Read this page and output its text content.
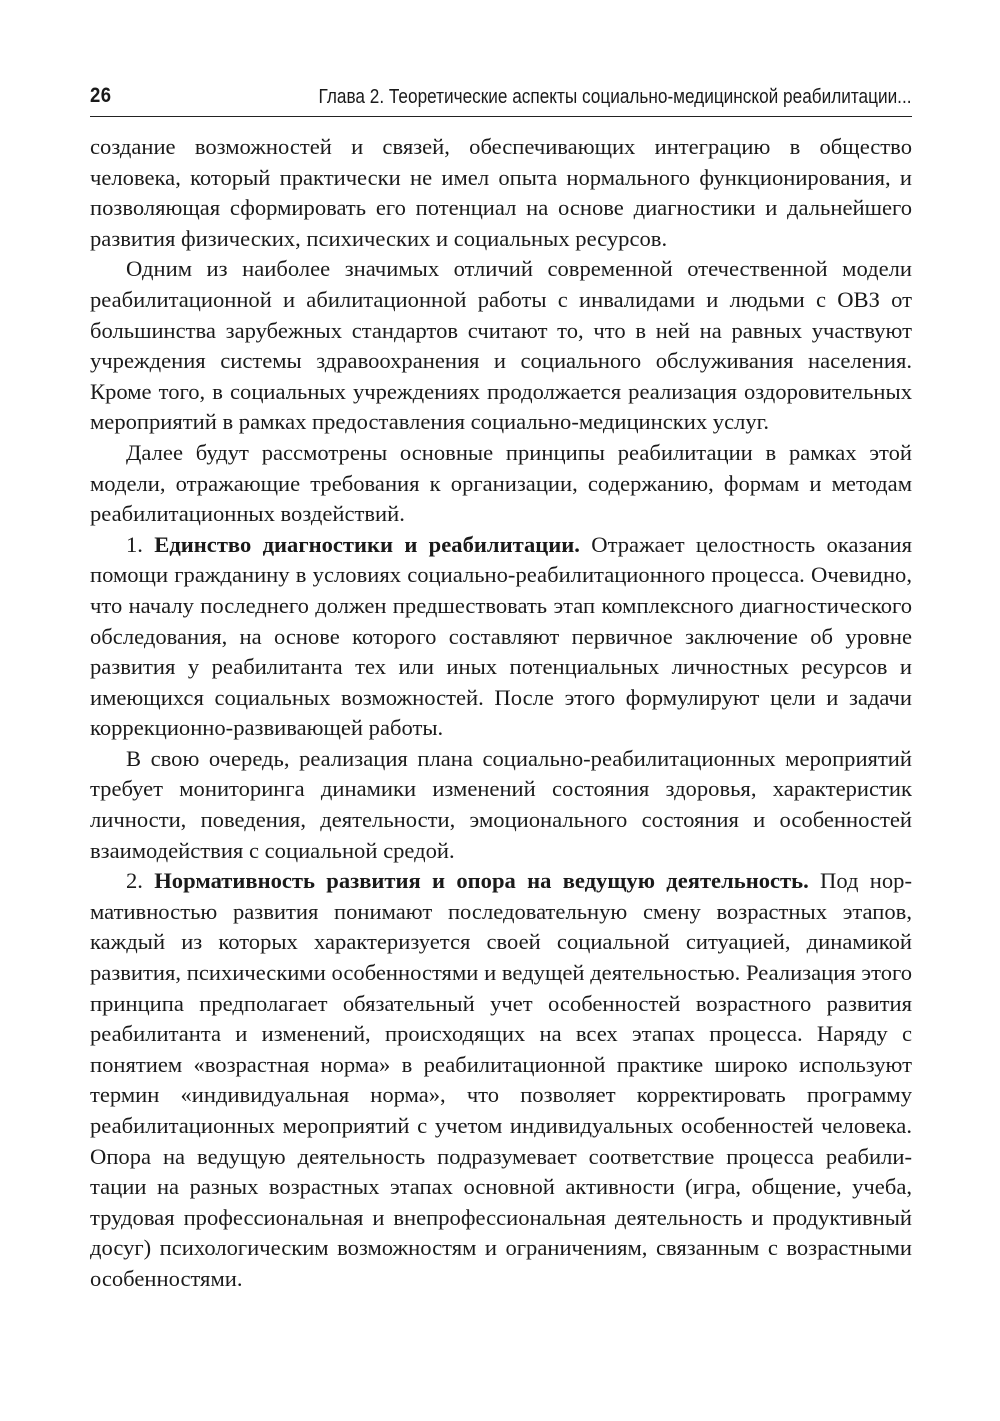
26	Глава 2. Теоретические аспекты социально-медицинской реабилитации...

создание возможностей и связей, обеспечивающих интеграцию в общество человека, который практически не имел опыта нормального функционирования, и позволяющая сформировать его потенциал на основе диагностики и дальнейшего развития физических, психических и социальных ресурсов.

Одним из наиболее значимых отличий современной отечественной модели реабилитационной и абилитационной работы с инвалидами и людьми с ОВЗ от большинства зарубежных стандартов считают то, что в ней на равных участвуют учреждения системы здравоохранения и социального обслуживания населения. Кроме того, в социальных учреждениях продолжается реализация оздоровительных мероприятий в рамках предоставления социально-медицинских услуг.

Далее будут рассмотрены основные принципы реабилитации в рамках этой модели, отражающие требования к организации, содержанию, формам и методам реабилитационных воздействий.

1. Единство диагностики и реабилитации. Отражает целостность оказания помощи гражданину в условиях социально-реабилитационного процесса. Очевидно, что началу последнего должен предшествовать этап комплексного диагностического обследования, на основе которого составляют первичное заключение об уровне развития у реабилитанта тех или иных потенциальных личностных ресурсов и имеющихся социальных возможностей. После этого формулируют цели и задачи коррекционно-развивающей работы.

В свою очередь, реализация плана социально-реабилитационных мероприятий требует мониторинга динамики изменений состояния здоровья, характеристик личности, поведения, деятельности, эмоционального состояния и особенностей взаимодействия с социальной средой.

2. Нормативность развития и опора на ведущую деятельность. Под нормативностью развития понимают последовательную смену возрастных этапов, каждый из которых характеризуется своей социальной ситуацией, динамикой развития, психическими особенностями и ведущей деятельностью. Реализация этого принципа предполагает обязательный учет особенностей возрастного развития реабилитанта и изменений, происходящих на всех этапах процесса. Наряду с понятием «возрастная норма» в реабилитационной практике широко используют термин «индивидуальная норма», что позволяет корректировать программу реабилитационных мероприятий с учетом индивидуальных особенностей человека. Опора на ведущую деятельность подразумевает соответствие процесса реабилитации на разных возрастных этапах основной активности (игра, общение, учеба, трудовая профессиональная и внепрофессиональная деятельность и продуктивный досуг) психологическим возможностям и ограничениям, связанным с возрастными особенностями.
